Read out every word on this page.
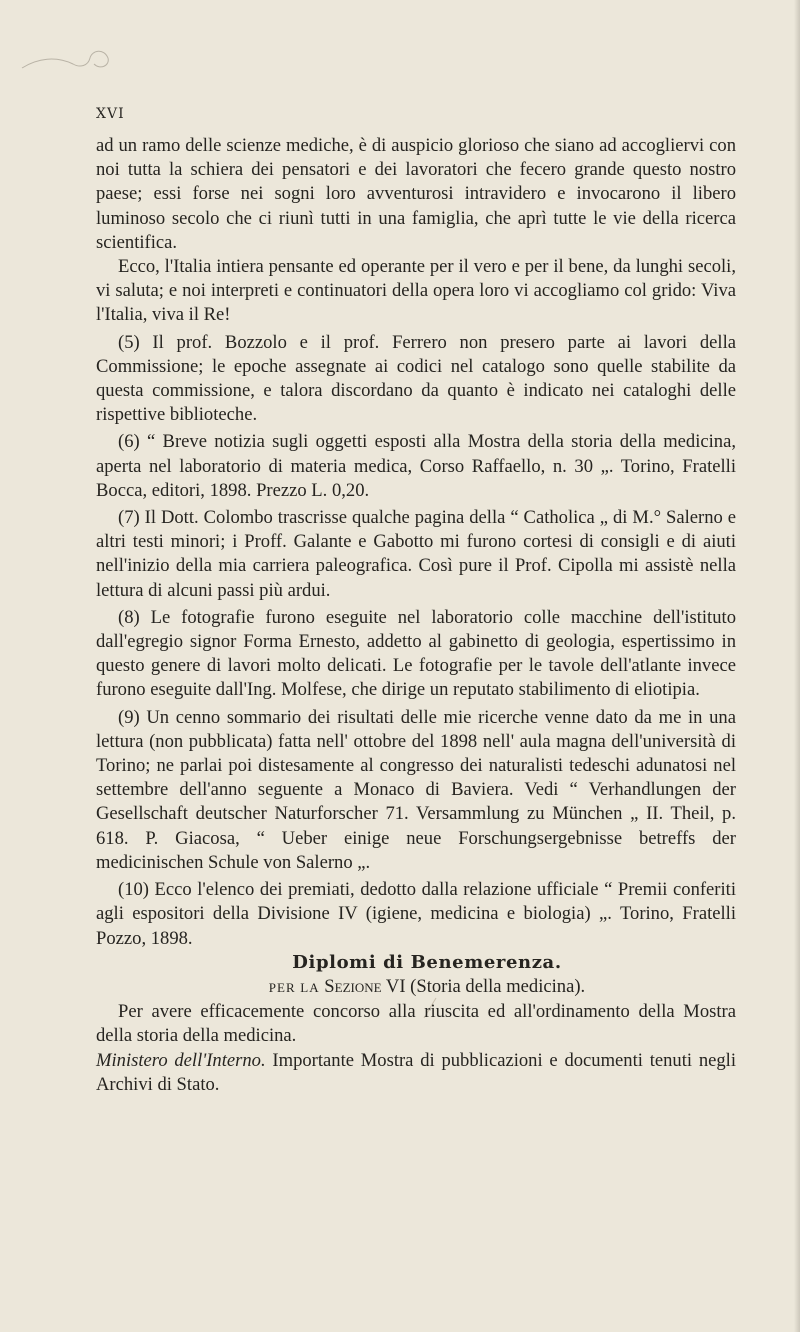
XVI

ad un ramo delle scienze mediche, è di auspicio glorioso che siano ad accogliervi con noi tutta la schiera dei pensatori e dei lavoratori che fecero grande questo nostro paese; essi forse nei sogni loro avventurosi intravidero e invocarono il libero luminoso secolo che ci riunì tutti in una famiglia, che aprì tutte le vie della ricerca scientifica.

Ecco, l'Italia intiera pensante ed operante per il vero e per il bene, da lunghi secoli, vi saluta; e noi interpreti e continuatori della opera loro vi accogliamo col grido: Viva l'Italia, viva il Re!

(5) Il prof. Bozzolo e il prof. Ferrero non presero parte ai lavori della Commissione; le epoche assegnate ai codici nel catalogo sono quelle stabilite da questa commissione, e talora discordano da quanto è indicato nei cataloghi delle rispettive biblioteche.

(6) “ Breve notizia sugli oggetti esposti alla Mostra della storia della medicina, aperta nel laboratorio di materia medica, Corso Raffaello, n. 30 „. Torino, Fratelli Bocca, editori, 1898. Prezzo L. 0,20.

(7) Il Dott. Colombo trascrisse qualche pagina della “ Catholica „ di M.° Salerno e altri testi minori; i Proff. Galante e Gabotto mi furono cortesi di consigli e di aiuti nell'inizio della mia carriera paleografica. Così pure il Prof. Cipolla mi assistè nella lettura di alcuni passi più ardui.

(8) Le fotografie furono eseguite nel laboratorio colle macchine dell'istituto dall'egregio signor Forma Ernesto, addetto al gabinetto di geologia, espertissimo in questo genere di lavori molto delicati. Le fotografie per le tavole dell'atlante invece furono eseguite dall'Ing. Molfese, che dirige un reputato stabilimento di eliotipia.

(9) Un cenno sommario dei risultati delle mie ricerche venne dato da me in una lettura (non pubblicata) fatta nell' ottobre del 1898 nell' aula magna dell'università di Torino; ne parlai poi distesamente al congresso dei naturalisti tedeschi adunatosi nel settembre dell'anno seguente a Monaco di Baviera. Vedi “ Verhandlungen der Gesellschaft deutscher Naturforscher 71. Versammlung zu München „ II. Theil, p. 618. P. Giacosa, “ Ueber einige neue Forschungsergebnisse betreffs der medicinischen Schule von Salerno „.

(10) Ecco l'elenco dei premiati, dedotto dalla relazione ufficiale “ Premii conferiti agli espositori della Divisione IV (igiene, medicina e biologia) „. Torino, Fratelli Pozzo, 1898.

Diplomi di Benemerenza.

PER LA Sezione VI (Storia della medicina).

Per avere efficacemente concorso alla riuscita ed all'ordinamento della Mostra della storia della medicina.

Ministero dell'Interno. Importante Mostra di pubblicazioni e documenti tenuti negli Archivi di Stato.
